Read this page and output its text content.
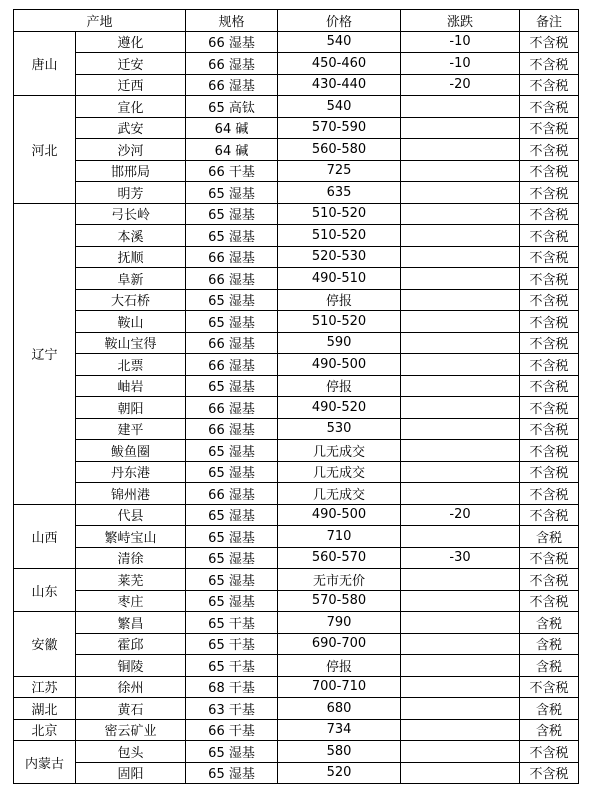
产地		规格	价格	涨跌	备注
唐山	遵化	66 湿基	540	-10	不含税
	迁安	66 湿基	450-460	-10	不含税
	迁西	66 湿基	430-440	-20	不含税
河北	宣化	65 高钛	540		不含税
	武安	64 碱	570-590		不含税
	沙河	64 碱	560-580		不含税
	邯邢局	66 干基	725		不含税
	明芳	65 湿基	635		不含税
辽宁	弓长岭	65 湿基	510-520		不含税
	本溪	65 湿基	510-520		不含税
	抚顺	66 湿基	520-530		不含税
	阜新	66 湿基	490-510		不含税
	大石桥	65 湿基	停报		不含税
	鞍山	65 湿基	510-520		不含税
	鞍山宝得	66 湿基	590		不含税
	北票	66 湿基	490-500		不含税
	岫岩	65 湿基	停报		不含税
	朝阳	66 湿基	490-520		不含税
	建平	66 湿基	530		不含税
	鲅鱼圈	65 湿基	几无成交		不含税
	丹东港	65 湿基	几无成交		不含税
	锦州港	66 湿基	几无成交		不含税
山西	代县	65 湿基	490-500	-20	不含税
	繁峙宝山	65 湿基	710		含税
	清徐	65 湿基	560-570	-30	不含税
山东	莱芜	65 湿基	无市无价		不含税
	枣庄	65 湿基	570-580		不含税
安徽	繁昌	65 干基	790		含税
	霍邱	65 干基	690-700		含税
	铜陵	65 干基	停报		含税
江苏	徐州	68 干基	700-710		不含税
湖北	黄石	63 干基	680		含税
北京	密云矿业	66 干基	734		含税
内蒙古	包头	65 湿基	580		不含税
	固阳	65 湿基	520		不含税
